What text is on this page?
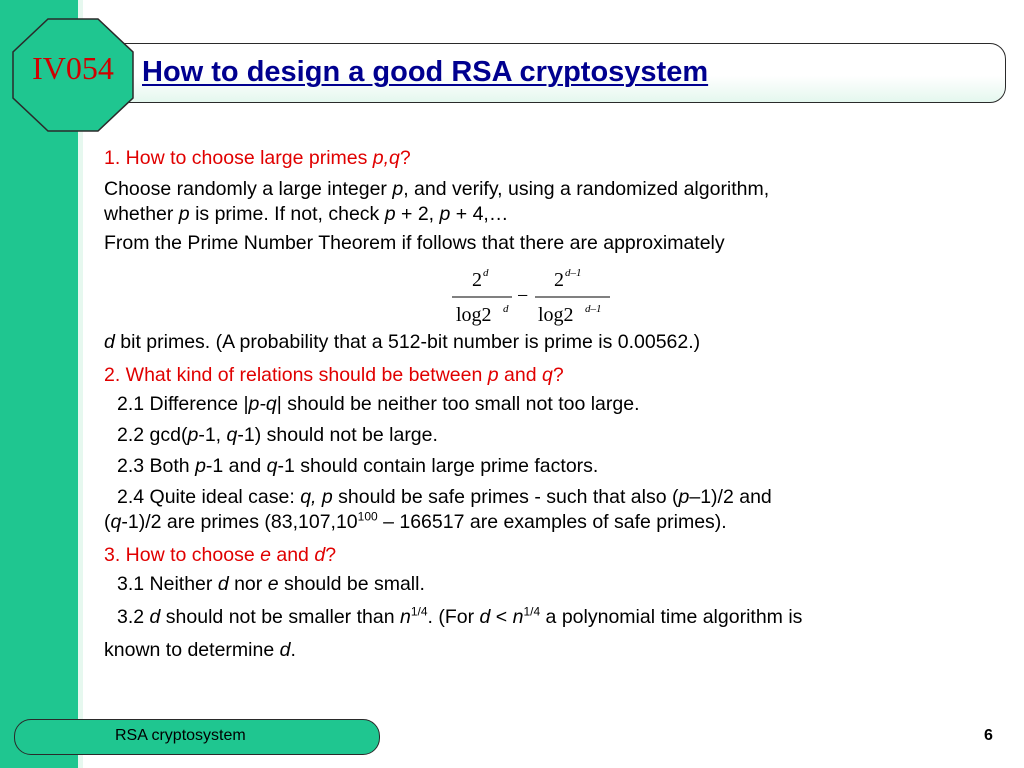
How to design a good RSA cryptosystem
IV054

1. How to choose large primes p,q?

Choose randomly a large integer p, and verify, using a randomized algorithm,

whether p is prime. If not, check p + 2, p + 4,…

From the Prime Number Theorem if follows that there are approximately

d bit primes. (A probability that a 512-bit number is prime is 0.00562.)

2. What kind of relations should be between p and q?

2.1 Difference |p-q| should be neither too small not too large.

2.2 gcd(p-1, q-1) should not be large.

2.3 Both p-1 and q-1 should contain large prime factors.

2.4 Quite ideal case: q, p should be safe primes - such that also (p–1)/2 and

(q-1)/2 are primes (83,107,10$^{100}$ – 166517 are examples of safe primes).

3. How to choose e and d?

3.1 Neither d nor e should be small.

3.2 d should not be smaller than $n^{1/4}$. (For $d < n^{1/4}$ a polynomial time algorithm is

known to determine d.

2 d
log2 d
−
2 d–1
log2 d–1
RSA cryptosystem	6
